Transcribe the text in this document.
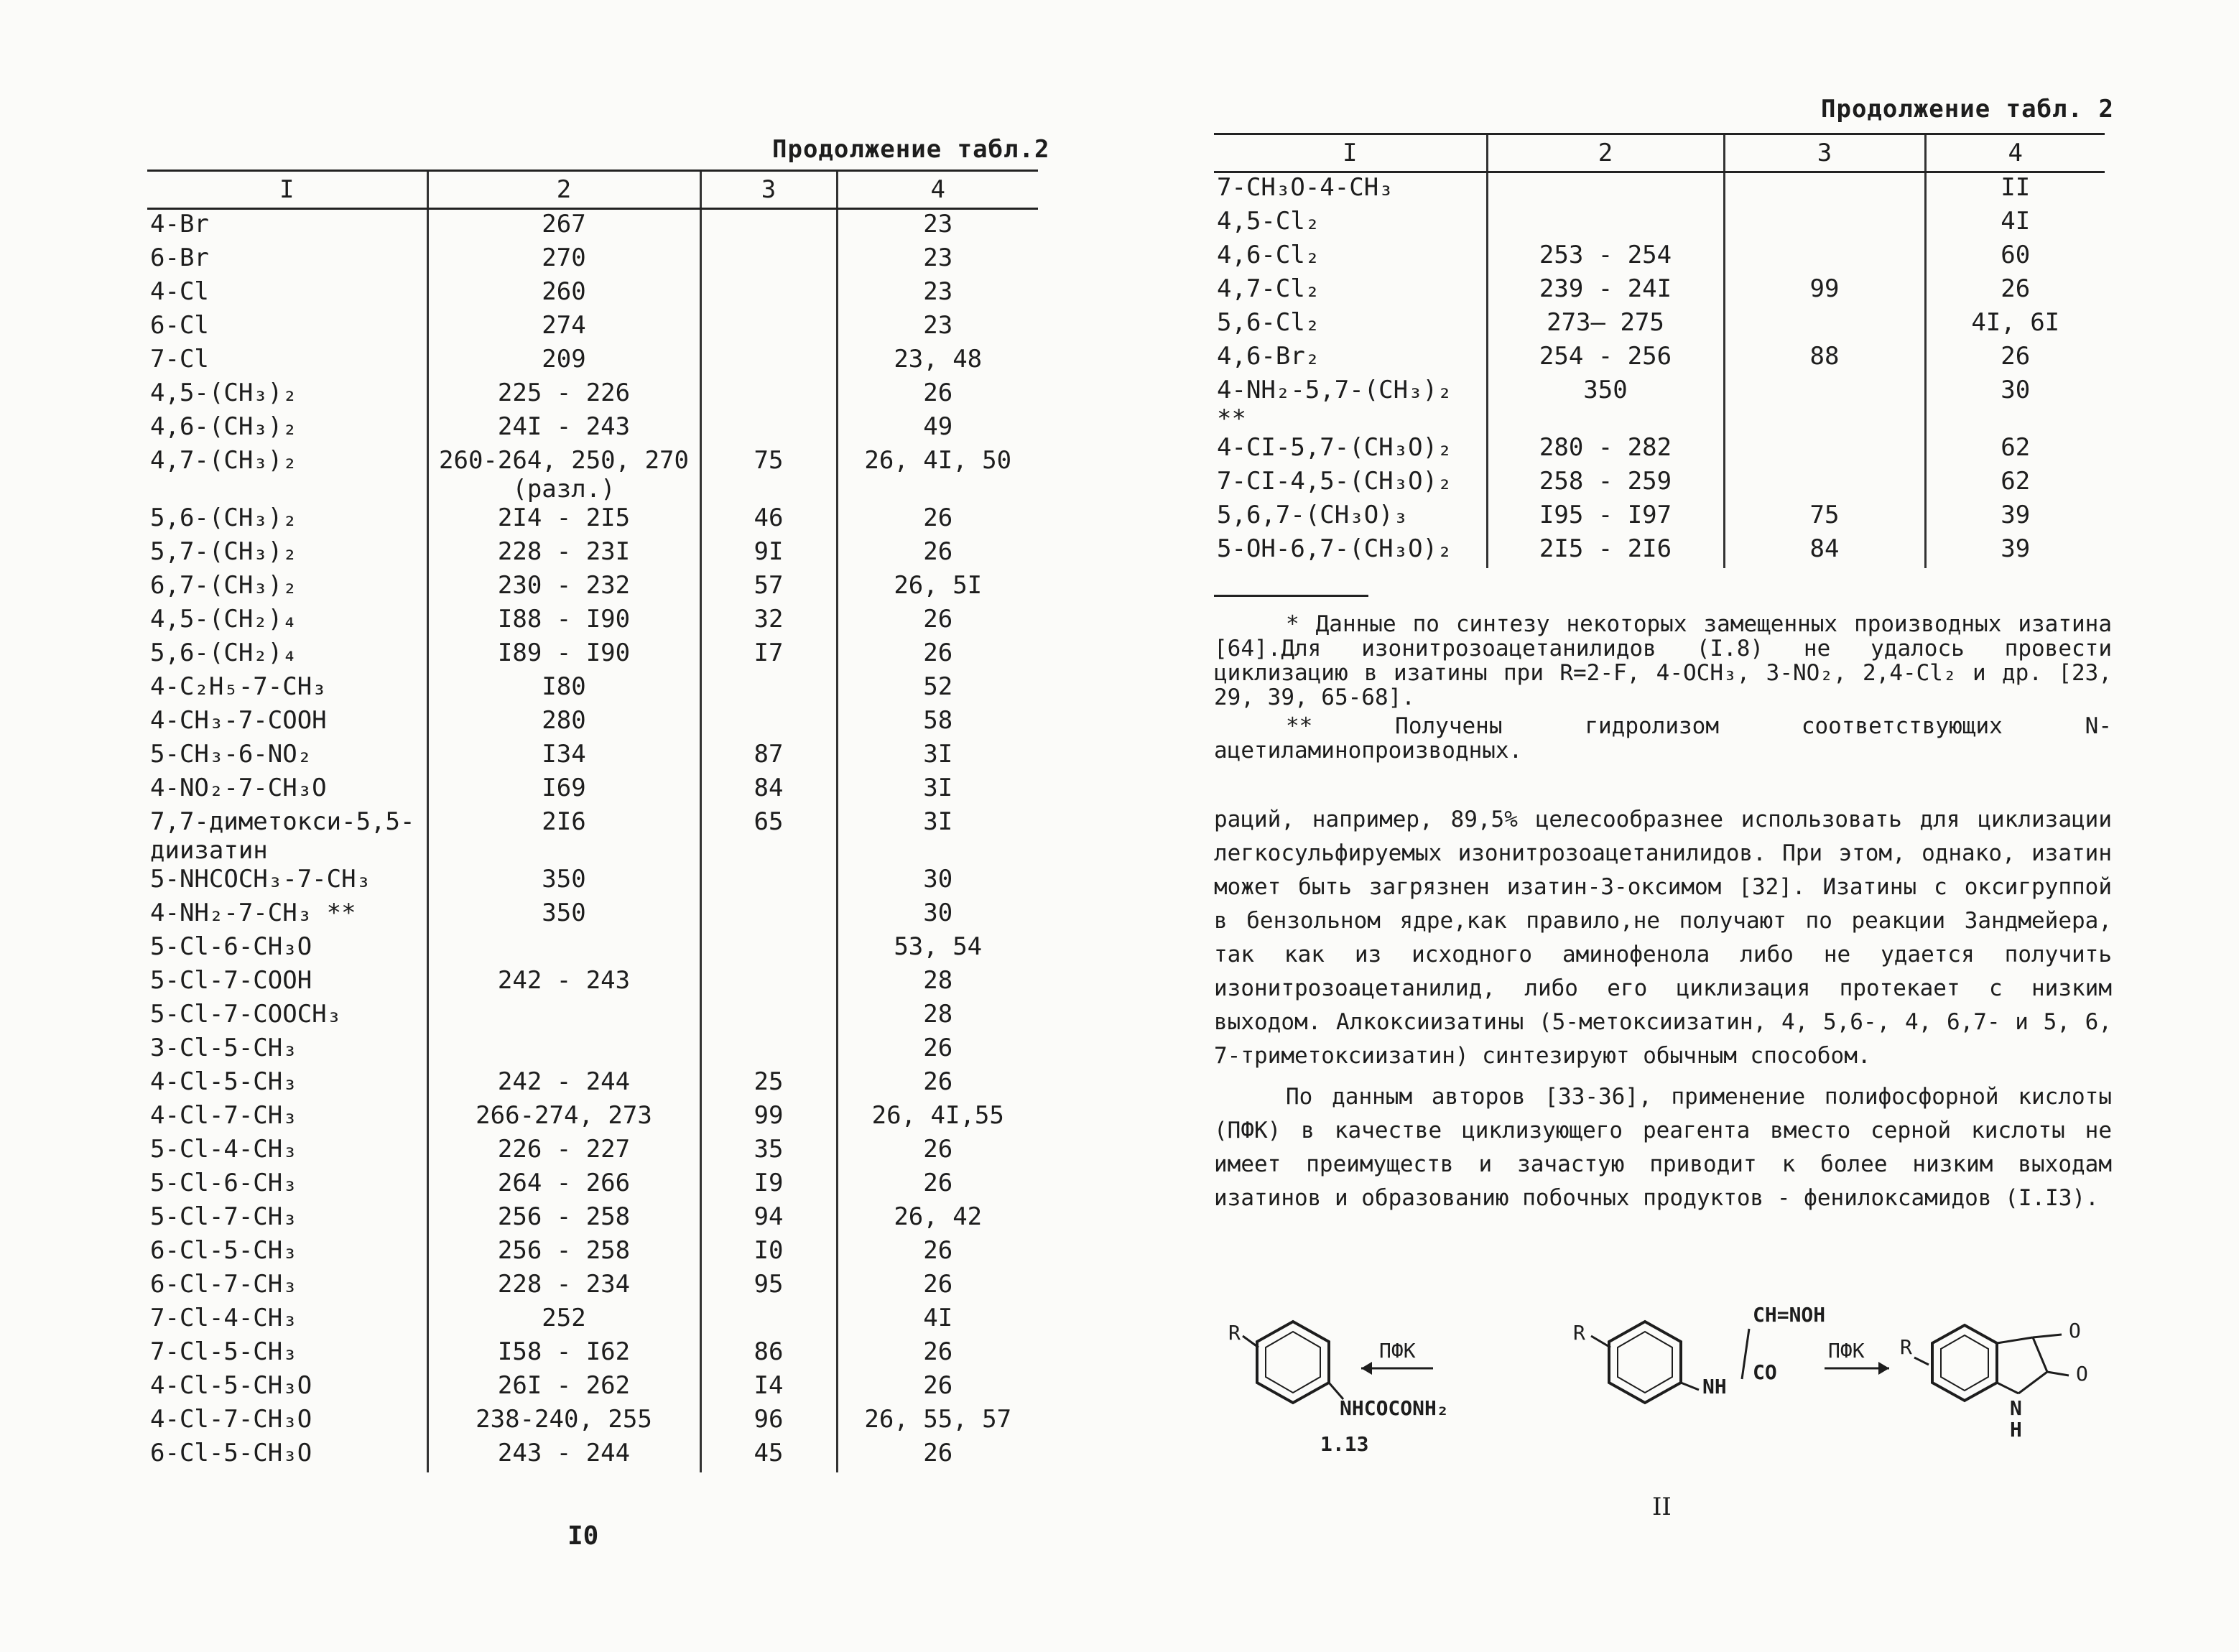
Продолжение табл.2
I	2	3	4
4-Br	267		23
6-Br	270		23
4-Cl	260		23
6-Cl	274		23
7-Cl	209		23, 48
4,5-(CH₃)₂	225 - 226		26
4,6-(CH₃)₂	24I - 243		49
4,7-(CH₃)₂	260-264, 250, 270 (разл.)	75	26, 4I, 50
5,6-(CH₃)₂	2I4 - 2I5	46	26
5,7-(CH₃)₂	228 - 23I	9I	26
6,7-(CH₃)₂	230 - 232	57	26, 5I
4,5-(CH₂)₄	I88 - I90	32	26
5,6-(CH₂)₄	I89 - I90	I7	26
4-C₂H₅-7-CH₃	I80		52
4-CH₃-7-COOH	280		58
5-CH₃-6-NO₂	I34	87	3I
4-NO₂-7-CH₃O	I69	84	3I
7,7-диметокси-5,5-диизатин	2I6	65	3I
5-NHCOCH₃-7-CH₃	350		30
4-NH₂-7-CH₃ **	350		30
5-Cl-6-CH₃O			53, 54
5-Cl-7-COOH	242 - 243		28
5-Cl-7-COOCH₃			28
3-Cl-5-CH₃			26
4-Cl-5-CH₃	242 - 244	25	26
4-Cl-7-CH₃	266-274, 273	99	26, 4I,55
5-Cl-4-CH₃	226 - 227	35	26
5-Cl-6-CH₃	264 - 266	I9	26
5-Cl-7-CH₃	256 - 258	94	26, 42
6-Cl-5-CH₃	256 - 258	I0	26
6-Cl-7-CH₃	228 - 234	95	26
7-Cl-4-CH₃	252		4I
7-Cl-5-CH₃	I58 - I62	86	26
4-Cl-5-CH₃O	26I - 262	I4	26
4-Cl-7-CH₃O	238-240, 255	96	26, 55, 57
6-Cl-5-CH₃O	243 - 244	45	26
I0
Продолжение табл. 2
I	2	3	4
7-CH₃O-4-CH₃			II
4,5-Cl₂			4I
4,6-Cl₂	253 - 254		60
4,7-Cl₂	239 - 24I	99	26
5,6-Cl₂	273— 275		4I, 6I
4,6-Br₂	254 - 256	88	26
4-NH₂-5,7-(CH₃)₂ **	350		30
4-CI-5,7-(CH₃O)₂	280 - 282		62
7-CI-4,5-(CH₃O)₂	258 - 259		62
5,6,7-(CH₃O)₃	I95 - I97	75	39
5-OH-6,7-(CH₃O)₂	2I5 - 2I6	84	39

* Данные по синтезу некоторых замещенных производных изатина [64].Для изонитрозоацетанилидов (I.8) не удалось провести циклизацию в изатины при R=2-F, 4-OCH₃, 3-NO₂, 2,4-Cl₂ и др. [23, 29, 39, 65-68].

** Получены гидролизом соответствующих N-ацетиламинопроизводных.

раций, например, 89,5% целесообразнее использовать для циклизации легкосульфируемых изонитрозоацетанилидов. При этом, однако, изатин может быть загрязнен изатин-3-оксимом [32]. Изатины с оксигруппой в бензольном ядре,как правило,не получают по реакции Зандмейера, так как из исходного аминофенола либо не удается получить изонитрозоацетанилид, либо его циклизация протекает с низким выходом. Алкоксиизатины (5-метоксиизатин, 4, 5,6-, 4, 6,7- и 5, 6, 7-триметоксиизатин) синтезируют обычным способом.

По данным авторов [33-36], применение полифосфорной кислоты (ПФК) в качестве циклизующего реагента вместо серной кислоты не имеет преимуществ и зачастую приводит к более низким выходам изатинов и образованию побочных продуктов - фенилоксамидов (I.I3).

R
NHCOCONH₂
1.13
ПФК
R
CH=NOH
NH
CO
ПФК R
O
O
N
H
II
